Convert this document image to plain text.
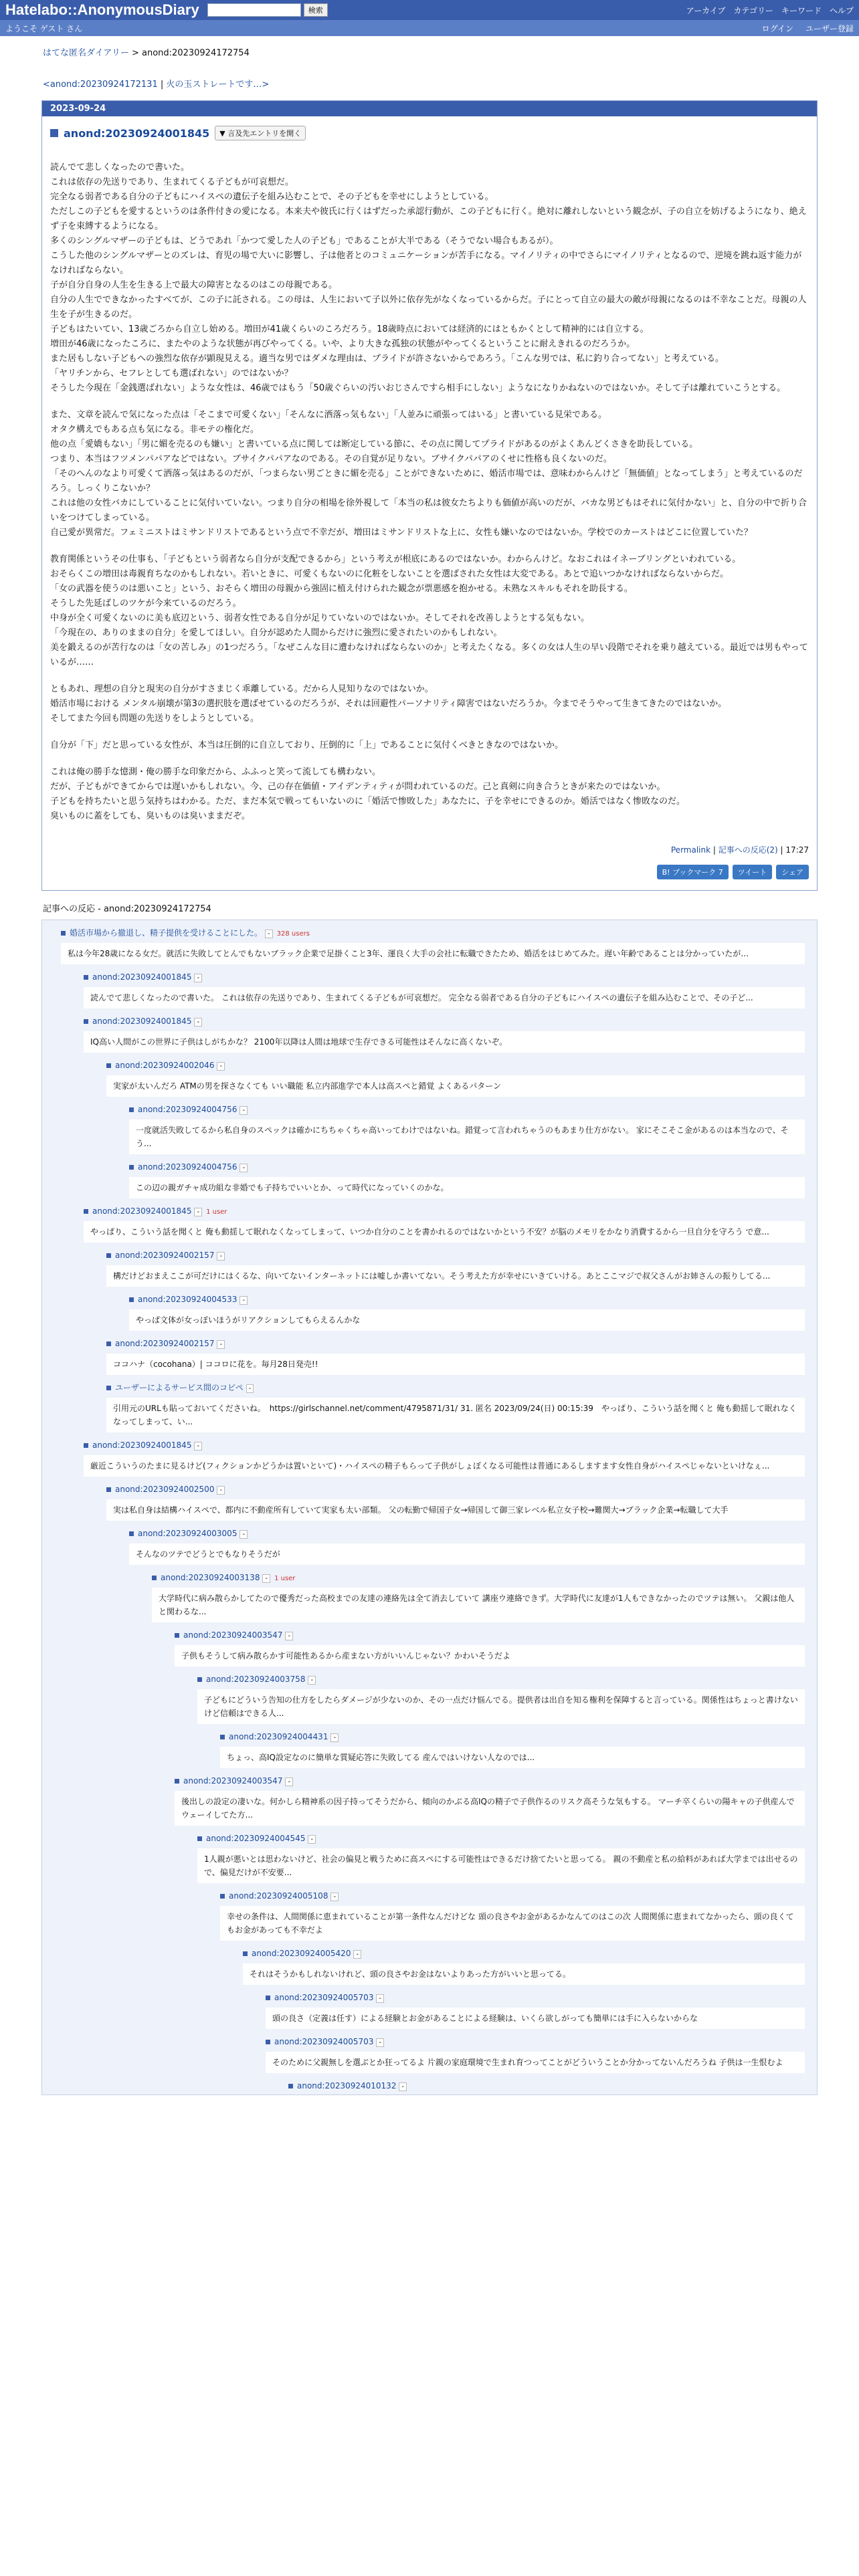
Hatelabo::AnonymousDiary	検索	アーカイブ カテゴリー キーワード ヘルプ
ようこそ ゲスト さん	ログイン ユーザー登録
はてな匿名ダイアリー > anond:20230924172754
<anond:20230924172131 | 火の玉ストレートです…>
2023-09-24
anond:20230924001845	▼ 言及先エントリを開く
読んでて悲しくなったので書いた。
これは依存の先送りであり、生まれてくる子どもが可哀想だ。
完全なる弱者である自分の子どもにハイスペの遺伝子を組み込むことで、その子どもを幸せにしようとしている。
ただしこの子どもを愛するというのは条件付きの愛になる。本来夫や彼氏に行くはずだった承認行動が、この子どもに行く。絶対に離れしないという観念が、子の自立を妨げるようになり、絶えず子を束縛するようになる。
多くのシングルマザーの子どもは、どうであれ「かつて愛した人の子ども」であることが大半である（そうでない場合もあるが）。
こうした他のシングルマザーとのズレは、育児の場で大いに影響し、子は他者とのコミュニケーションが苦手になる。マイノリティの中でさらにマイノリティとなるので、逆境を跳ね返す能力がなければならない。
子が自分自身の人生を生きる上で最大の障害となるのはこの母親である。
自分の人生でできなかったすべてが、この子に託される。この母は、人生において子以外に依存先がなくなっているからだ。子にとって自立の最大の敵が母親になるのは不幸なことだ。母親の人生を子が生きるのだ。
子どもはたいてい、13歳ごろから自立し始める。増田が41歳くらいのころだろう。18歳時点においては経済的にはともかくとして精神的には自立する。
増田が46歳になったころに、またやのような状態が再びやってくる。いや、より大きな孤独の状態がやってくるということに耐えきれるのだろうか。
また居もしない子どもへの強烈な依存が顕現見える。適当な男ではダメな理由は、プライドが許さないからであろう。「こんな男では、私に釣り合ってない」と考えている。
「ヤリチンから、セフレとしても選ばれない」のではないか？
そうした今現在「金銭選ばれない」ような女性は、46歳ではもう「50歳ぐらいの汚いおじさんですら相手にしない」ようなになりかねないのではないか。そして子は離れていこうとする。
また、文章を読んで気になった点は「そこまで可愛くない」「そんなに洒落っ気もない」「人並みに頑張ってはいる」と書いている見栄である。
オタク構えでもある点も気になる。非モテの権化だ。
他の点「愛嬌もない」「男に媚を売るのも嫌い」と書いている点に関しては断定している節に、その点に関してプライドがあるのがよくあんどくさきを助長している。
つまり、本当はフツメンパパアなどではない。ブサイクパパアなのである。その自覚が足りない。ブサイクパパアのくせに性格も良くないのだ。
「そのへんのなより可愛くて洒落っ気はあるのだが、「つまらない男ごときに媚を売る」ことができないために、婚活市場では、意味わからんけど「無価値」となってしまう」と考えているのだろう。しっくりこないか？
これは他の女性バカにしていることに気付いていない。つまり自分の相場を徐外視して「本当の私は彼女たちよりも価値が高いのだが、バカな男どもはそれに気付かない」と、自分の中で折り合いをつけてしまっている。
自己愛が異常だ。フェミニストはミサンドリストであるという点で不幸だが、増田はミサンドリストな上に、女性も嫌いなのではないか。学校でのカーストはどこに位置していた？
教育関係というその仕事も、「子どもという弱者なら自分が支配できるから」という考えが根底にあるのではないか。わからんけど。なおこれはイネーブリングといわれている。
おそらくこの増田は毒親育ちなのかもしれない。若いときに、可愛くもないのに化粧をしないことを選ばされた女性は大変である。あとで追いつかなければならないからだ。
「女の武器を使うのは悪いこと」という、おそらく増田の母親から強固に植え付けられた観念が票悪感を抱かせる。未熟なスキルもそれを助長する。
そうした先延ばしのツケが今来ているのだろう。
中身が全く可愛くないのに美も底辺という、弱者女性である自分が足りていないのではないか。そしてそれを改善しようとする気もない。
「今現在の、ありのままの自分」を愛してほしい。自分が認めた人間からだけに強烈に愛されたいのかもしれない。
美を鍛えるのが苦行なのは「女の苦しみ」の1つだろう。「なぜこんな目に遭わなければならないのか」と考えたくなる。多くの女は人生の早い段階でそれを乗り越えている。最近では男もやっているが……
ともあれ、理想の自分と現実の自分がすさまじく乖離している。だから人見知りなのではないか。
婚活市場における メンタル崩壊が第3の選択肢を選ばせているのだろうが、それは回避性パーソナリティ障害ではないだろうか。今までそうやって生きてきたのではないか。
そしてまた今回も問題の先送りをしようとしている。
自分が「下」だと思っている女性が、本当は圧倒的に自立しており、圧倒的に「上」であることに気付くべきときなのではないか。
これは俺の勝手な憶測・俺の勝手な印象だから、ふふっと笑って流しても構わない。
だが、子どもができてからでは遅いかもしれない。今、己の存在価値・アイデンティティが問われているのだ。己と真剣に向き合うときが来たのではないか。
子どもを持ちたいと思う気持ちはわかる。ただ、まだ本気で戦ってもいないのに「婚活で惨敗した」あなたに、子を幸せにできるのか。婚活ではなく惨敗なのだ。
臭いものに蓋をしても、臭いものは臭いままだぞ。
Permalink | 記事への反応(2) | 17:27
B! ブックマーク 7	ツイート	シェア
記事への反応 - anond:20230924172754
婚活市場から撤退し、精子提供を受けることにした。 - 328 users
私は今年28歳になる女だ。就活に失敗してとんでもないブラック企業で足掛くこと3年、運良く大手の会社に転職できたため、婚活をはじめてみた。遅い年齢であることは分かっていたが…
anond:20230924001845 -
読んでて悲しくなったので書いた。 これは依存の先送りであり、生まれてくる子どもが可哀想だ。 完全なる弱者である自分の子どもにハイスペの遺伝子を組み込むことで、その子ど...
anond:20230924001845 -
IQ高い人間がこの世界に子供はしがちかな？ 2100年以降は人間は地球で生存できる可能性はそんなに高くないぞ。
anond:20230924002046 -
実家が太いんだろ ATMの男を探さなくても いい職能 私立内部進学で本人は高スペと錯覚 よくあるパターン
anond:20230924004756 -
一度就活失敗してるから私自身のスペックは確かにちちゃくちゃ高いってわけではないね。錯覚って言われちゃうのもあまり仕方がない。 家にそこそこ金があるのは本当なので、そう...
anond:20230924004756 -
この辺の親ガチャ成功組な非婚でも子持ちでいいとか、って時代になっていくのかな。
anond:20230924001845 - 1 user
やっぱり、こういう話を聞くと 俺も動揺して眠れなくなってしまって、いつか自分のことを書かれるのではないかという不安？が脳のメモリをかなり消費するから一旦自分を守ろう で意...
anond:20230924002157 -
構だけどおまえここが可だけにはくるな、向いてないインターネットには嘘しか書いてない。そう考えた方が幸せにいきていける。あとここマジで叔父さんがお姉さんの振りしてる...
anond:20230924004533 -
やっぱ文体が女っぽいほうがリアクションしてもらえるんかな
anond:20230924002157 -
ココハナ（cocohana）| ココロに花を。毎月28日発売!!
ユーザーによるサービス間のコピペ -
引用元のURLも貼っておいてくださいね。　https://girlschannel.net/comment/4795871/31/ 31. 匿名 2023/09/24(日) 00:15:39　やっぱり、こういう話を聞くと 俺も動揺して眠れなくなってしまって、い...
anond:20230924001845 -
厳近こういうのたまに見るけど(フィクションかどうかは置いといて)・ハイスペの精子もらって子供がしょぼくなる可能性は普通にあるしますます女性自身がハイスペじゃないといけなぇ...
anond:20230924002500 -
実は私自身は結構ハイスペで、都内に不動産所有していて実家も太い部類。 父の転勤で帰国子女→帰国して御三家レベル私立女子校→難関大→ブラック企業→転職して大手
anond:20230924003005 -
そんなのツテでどうとでもなりそうだが
anond:20230924003138 - 1 user
大学時代に病み散らかしてたので優秀だった高校までの友達の連絡先は全て消去していて 講座ウ連絡できず。大学時代に友達が1人もできなかったのでツテは無い。 父親は他人と関わるな...
anond:20230924003547 -
子供もそうして病み散らかす可能性あるから産まない方がいいんじゃない？かわいそうだよ
anond:20230924003758 -
子どもにどういう告知の仕方をしたらダメージが少ないのか、その一点だけ悩んでる。提供者は出自を知る権利を保障すると言っている。関係性はちょっと書けないけど信頼はできる人...
anond:20230924004431 -
ちょっ、高IQ設定なのに簡単な質疑応答に失敗してる 産んではいけない人なのでは...
anond:20230924003547 -
後出しの設定の凄いな。何かしら精神系の因子持ってそうだから、傾向のかぶる高IQの精子で子供作るのリスク高そうな気もする。 マーチ卒くらいの陽キャの子供産んでウェーイしてた方...
anond:20230924004545 -
1人親が悪いとは思わないけど、社会の偏見と戦うために高スペにする可能性はできるだけ捨てたいと思ってる。 親の不動産と私の給料があれば大学までは出せるので、偏見だけが不安要...
anond:20230924005108 -
幸せの条件は、人間関係に恵まれていることが第一条件なんだけどな 頭の良さやお金があるかなんてのはこの次 人間関係に恵まれてなかったら、頭の良くてもお金があっても不幸だよ
anond:20230924005420 -
それはそうかもしれないけれど、頭の良さやお金はないよりあった方がいいと思ってる。
anond:20230924005703 -
頭の良さ（定義は任す）による経験とお金があることによる経験は、いくら欲しがっても簡単には手に入らないからな
anond:20230924005703 -
そのために父親無しを選ぶとか狂ってるよ 片親の家庭環境で生まれ育つってことがどういうことか分かってないんだろうね 子供は一生恨むよ
anond:20230924010132 -
